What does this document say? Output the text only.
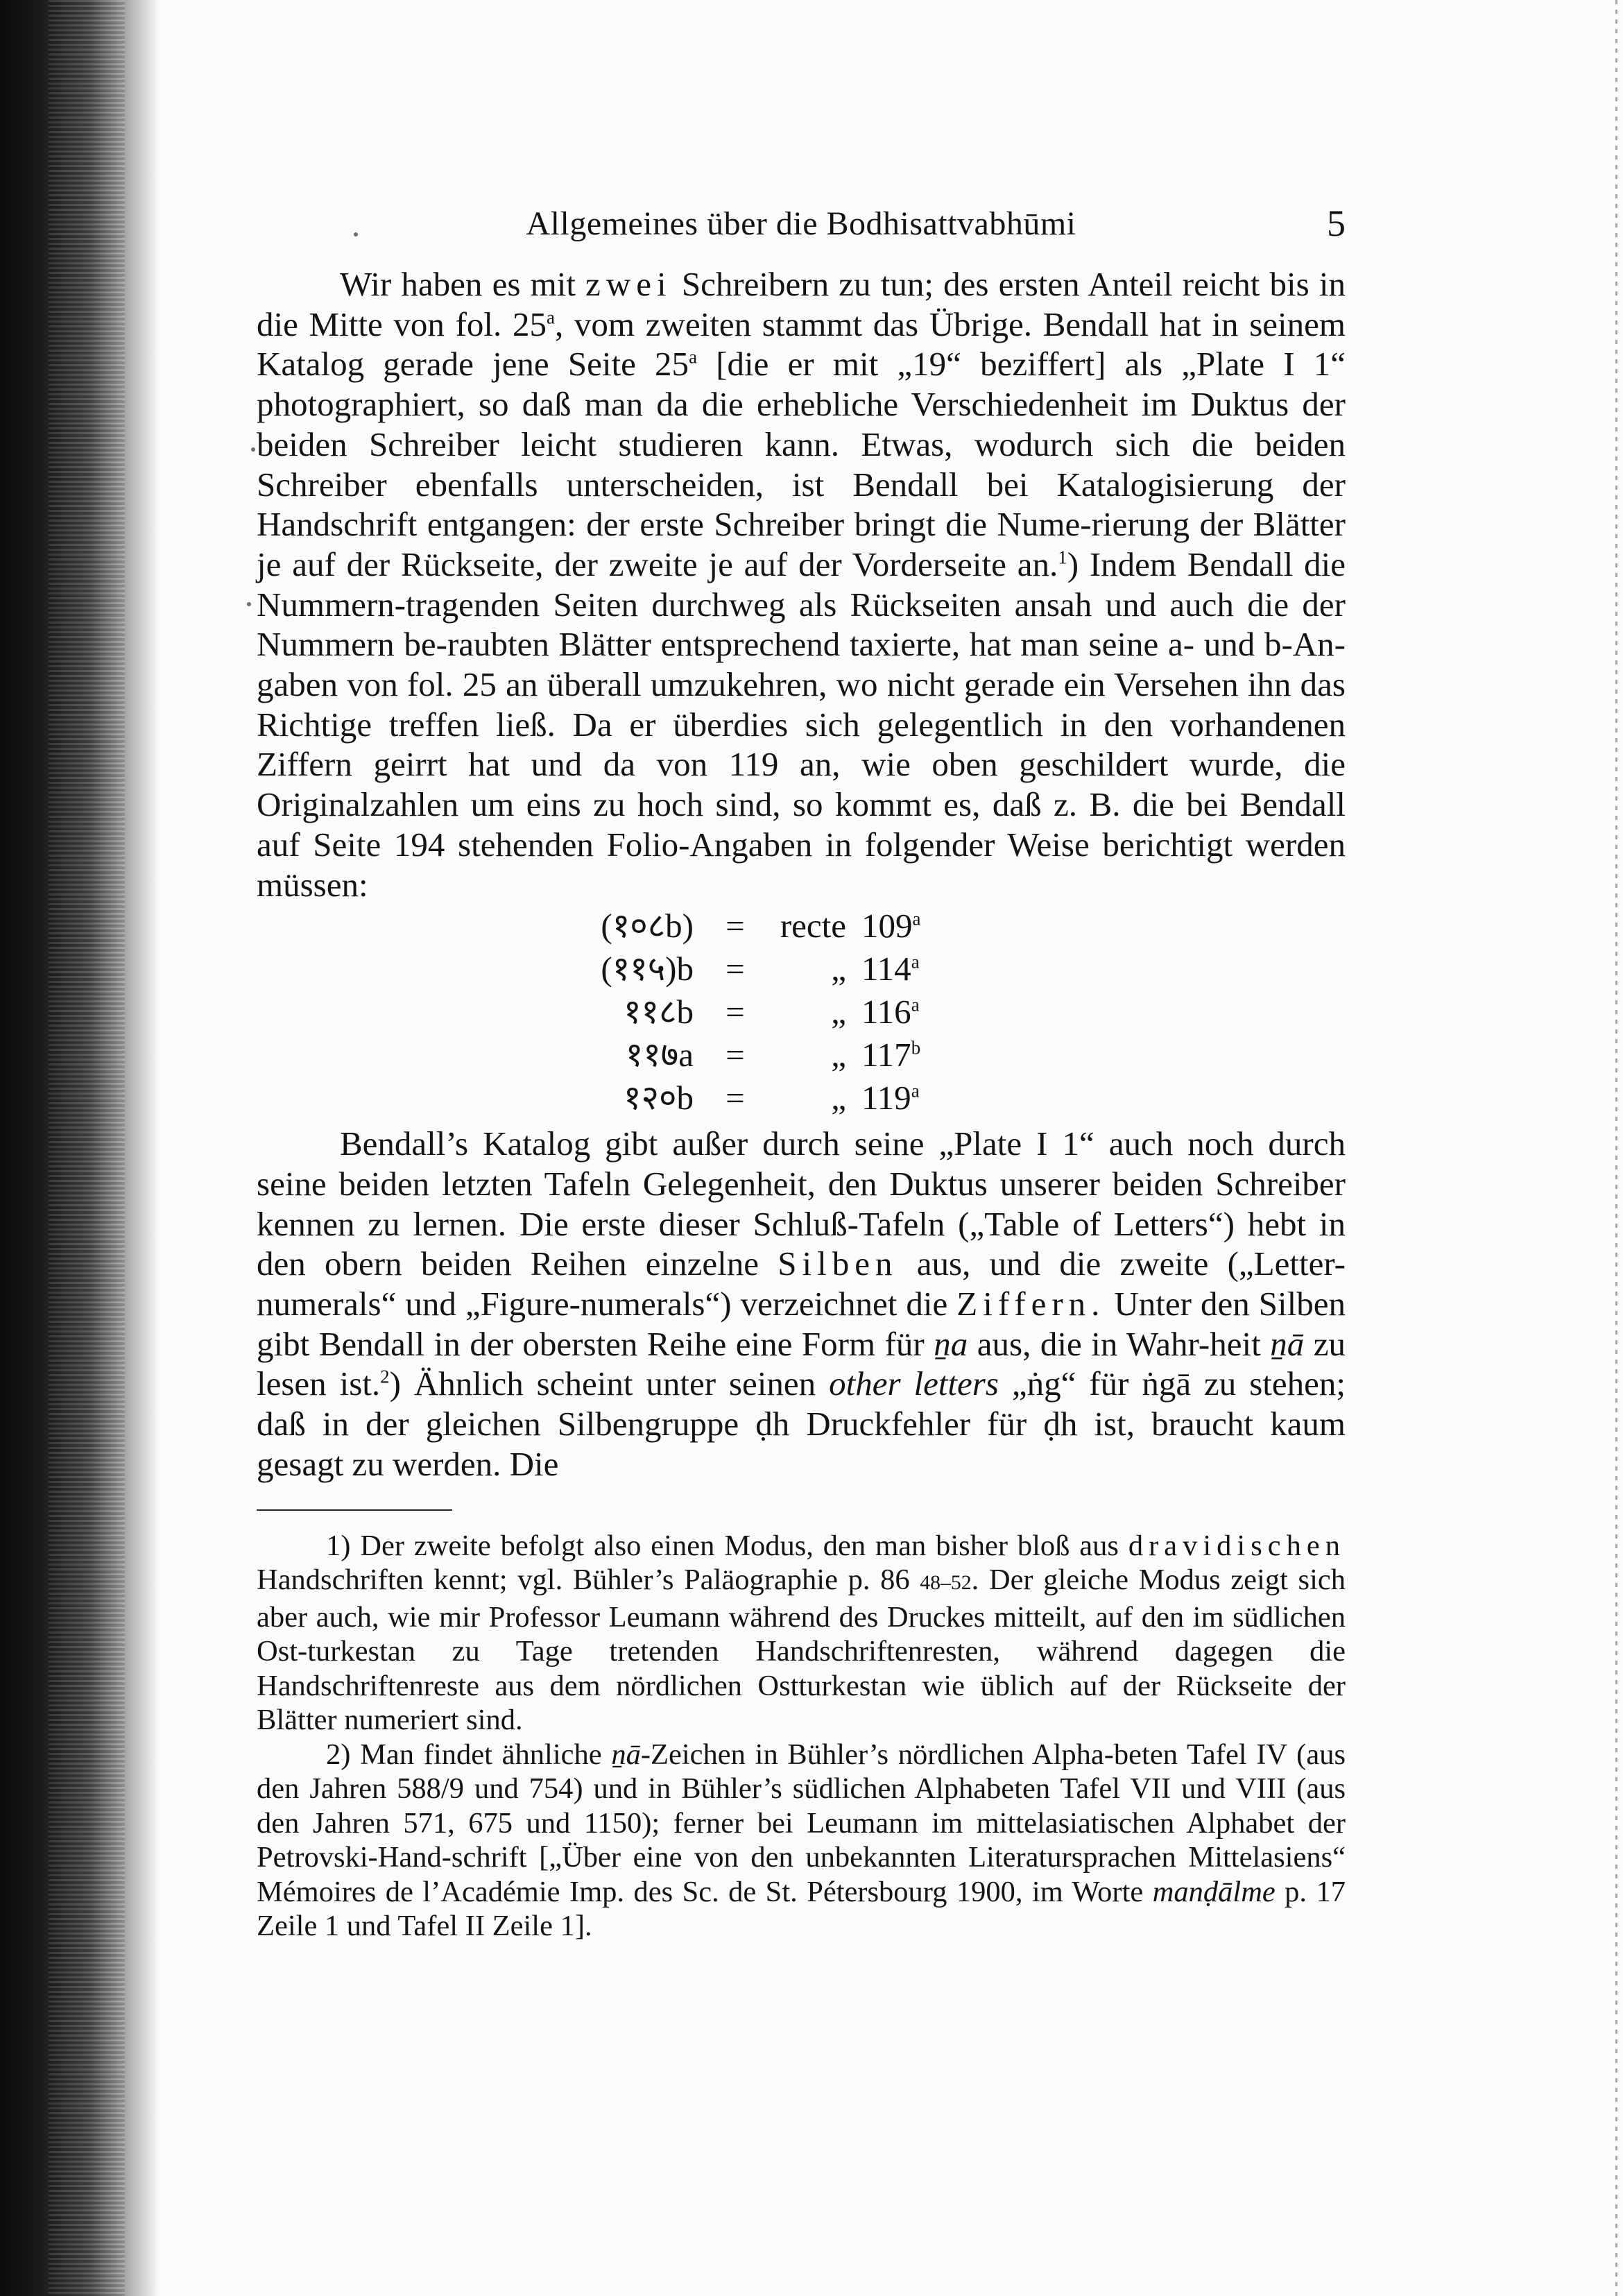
Allgemeines über die Bodhisattvabhūmi	5

Wir haben es mit zwei Schreibern zu tun; des ersten Anteil reicht bis in die Mitte von fol. 25$^a$, vom zweiten stammt das Übrige. Bendall hat in seinem Katalog gerade jene Seite 25$^a$ [die er mit „19“ beziffert] als „Plate I 1“ photographiert, so daß man da die erhebliche Verschiedenheit im Duktus der beiden Schreiber leicht studieren kann. Etwas, wodurch sich die beiden Schreiber ebenfalls unterscheiden, ist Bendall bei Katalogisierung der Handschrift entgangen: der erste Schreiber bringt die Nume-rierung der Blätter je auf der Rückseite, der zweite je auf der Vorderseite an.$^1$) Indem Bendall die Nummern-tragenden Seiten durchweg als Rückseiten ansah und auch die der Nummern be-raubten Blätter entsprechend taxierte, hat man seine a- und b-An-gaben von fol. 25 an überall umzukehren, wo nicht gerade ein Versehen ihn das Richtige treffen ließ. Da er überdies sich gelegentlich in den vorhandenen Ziffern geirrt hat und da von 119 an, wie oben geschildert wurde, die Originalzahlen um eins zu hoch sind, so kommt es, daß z. B. die bei Bendall auf Seite 194 stehenden Folio-Angaben in folgender Weise berichtigt werden müssen:

(१०८b)	=	recte	109$^a$
(११५)b	=	„	114$^a$
११८b	=	„	116$^a$
११७a	=	„	117$^b$
१२०b	=	„	119$^a$

Bendall’s Katalog gibt außer durch seine „Plate I 1“ auch noch durch seine beiden letzten Tafeln Gelegenheit, den Duktus unserer beiden Schreiber kennen zu lernen. Die erste dieser Schluß-Tafeln („Table of Letters“) hebt in den obern beiden Reihen einzelne Silben aus, und die zweite („Letter-numerals“ und „Figure-numerals“) verzeichnet die Ziffern. Unter den Silben gibt Bendall in der obersten Reihe eine Form für ṉa aus, die in Wahr-heit ṉā zu lesen ist.$^2$) Ähnlich scheint unter seinen other letters „ṅg“ für ṅgā zu stehen; daß in der gleichen Silbengruppe ḍh Druckfehler für ḍh ist, braucht kaum gesagt zu werden. Die

1) Der zweite befolgt also einen Modus, den man bisher bloß aus dravidischen Handschriften kennt; vgl. Bühler’s Paläographie p. 86 48–52. Der gleiche Modus zeigt sich aber auch, wie mir Professor Leumann während des Druckes mitteilt, auf den im südlichen Ost-turkestan zu Tage tretenden Handschriftenresten, während dagegen die Handschriftenreste aus dem nördlichen Ostturkestan wie üblich auf der Rückseite der Blätter numeriert sind.

2) Man findet ähnliche ṉā-Zeichen in Bühler’s nördlichen Alpha-beten Tafel IV (aus den Jahren 588/9 und 754) und in Bühler’s südlichen Alphabeten Tafel VII und VIII (aus den Jahren 571, 675 und 1150); ferner bei Leumann im mittelasiatischen Alphabet der Petrovski-Hand-schrift [„Über eine von den unbekannten Literatursprachen Mittelasiens“ Mémoires de l’Académie Imp. des Sc. de St. Pétersbourg 1900, im Worte manḍālme p. 17 Zeile 1 und Tafel II Zeile 1].
